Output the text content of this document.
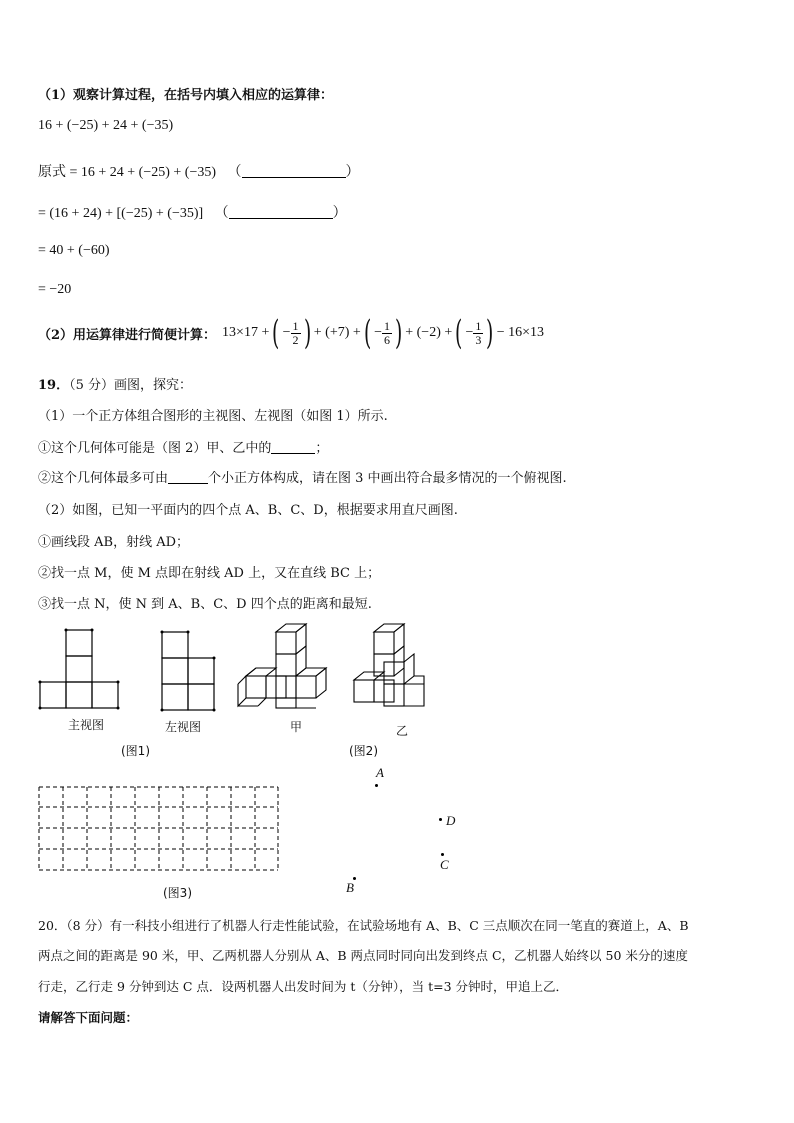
（1）观察计算过程，在括号内填入相应的运算律：
16 + (−25) + 24 + (−35)
原式 = 16 + 24 + (−25) + (−35) （	）
= (16 + 24) + [(−25) + (−35)] （	）
= 40 + (−60)
= −20
（2）用运算律进行简便计算： 13×17 + ( − $\frac{1}{2}$ ) + (+7) + ( − $\frac{1}{6}$ ) + (−2) + ( − $\frac{1}{3}$ ) − 16×13
19．（5 分）画图，探究：
（1）一个正方体组合图形的主视图、左视图（如图 1）所示.
①这个几何体可能是（图 2）甲、乙中的	；
②这个几何体最多可由	个小正方体构成，请在图 3 中画出符合最多情况的一个俯视图.
（2）如图，已知一平面内的四个点 A、B、C、D，根据要求用直尺画图.
①画线段 AB，射线 AD；
②找一点 M，使 M 点即在射线 AD 上，又在直线 BC 上；
③找一点 N，使 N 到 A、B、C、D 四个点的距离和最短.
主视图	左视图	甲	乙
(图1)	(图2)
(图3)
A
D
C
B
20．（8 分）有一科技小组进行了机器人行走性能试验，在试验场地有 A、B、C 三点顺次在同一笔直的赛道上，A、B
两点之间的距离是 90 米，甲、乙两机器人分别从 A、B 两点同时同向出发到终点 C，乙机器人始终以 50 米分的速度
行走，乙行走 9 分钟到达 C 点．设两机器人出发时间为 t（分钟），当 t=3 分钟时，甲追上乙．
请解答下面问题：
